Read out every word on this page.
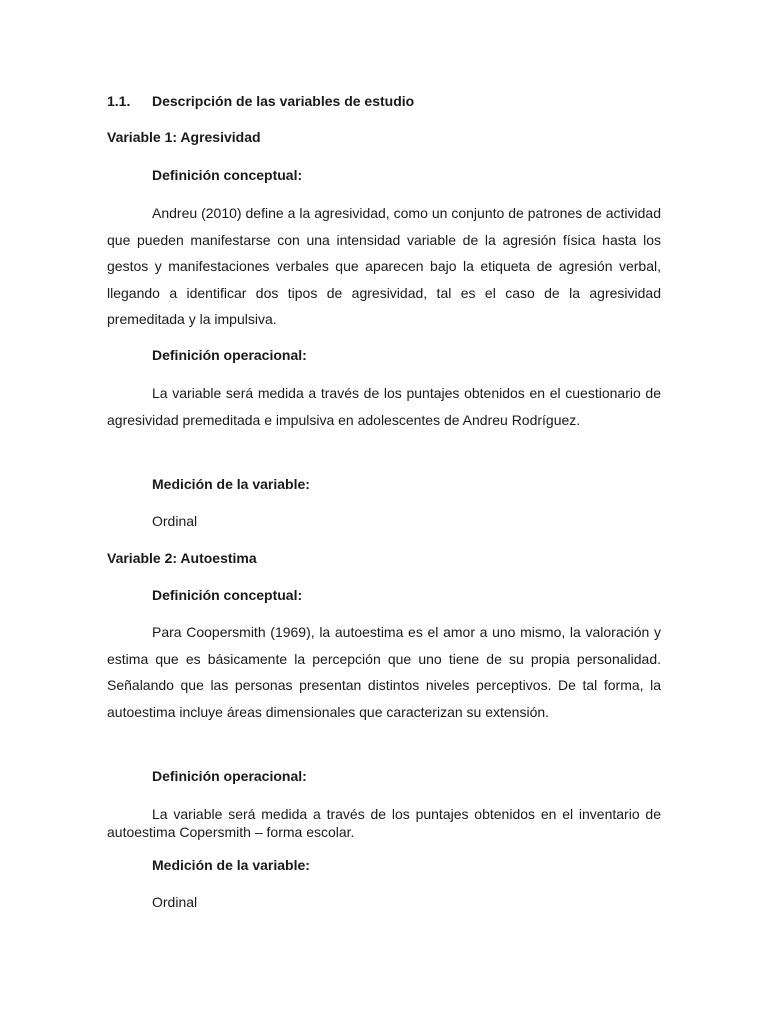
1.1. Descripción de las variables de estudio
Variable 1: Agresividad
Definición conceptual:
Andreu (2010) define a la agresividad, como un conjunto de patrones de actividad que pueden manifestarse con una intensidad variable de la agresión física hasta los gestos y manifestaciones verbales que aparecen bajo la etiqueta de agresión verbal, llegando a identificar dos tipos de agresividad, tal es el caso de la agresividad premeditada y la impulsiva.
Definición operacional:
La variable será medida a través de los puntajes obtenidos en el cuestionario de agresividad premeditada e impulsiva en adolescentes de Andreu Rodríguez.
Medición de la variable:
Ordinal
Variable 2: Autoestima
Definición conceptual:
Para Coopersmith (1969), la autoestima es el amor a uno mismo, la valoración y estima que es básicamente la percepción que uno tiene de su propia personalidad. Señalando que las personas presentan distintos niveles perceptivos. De tal forma, la autoestima incluye áreas dimensionales que caracterizan su extensión.
Definición operacional:
La variable será medida a través de los puntajes obtenidos en el inventario de autoestima Copersmith – forma escolar.
Medición de la variable:
Ordinal
